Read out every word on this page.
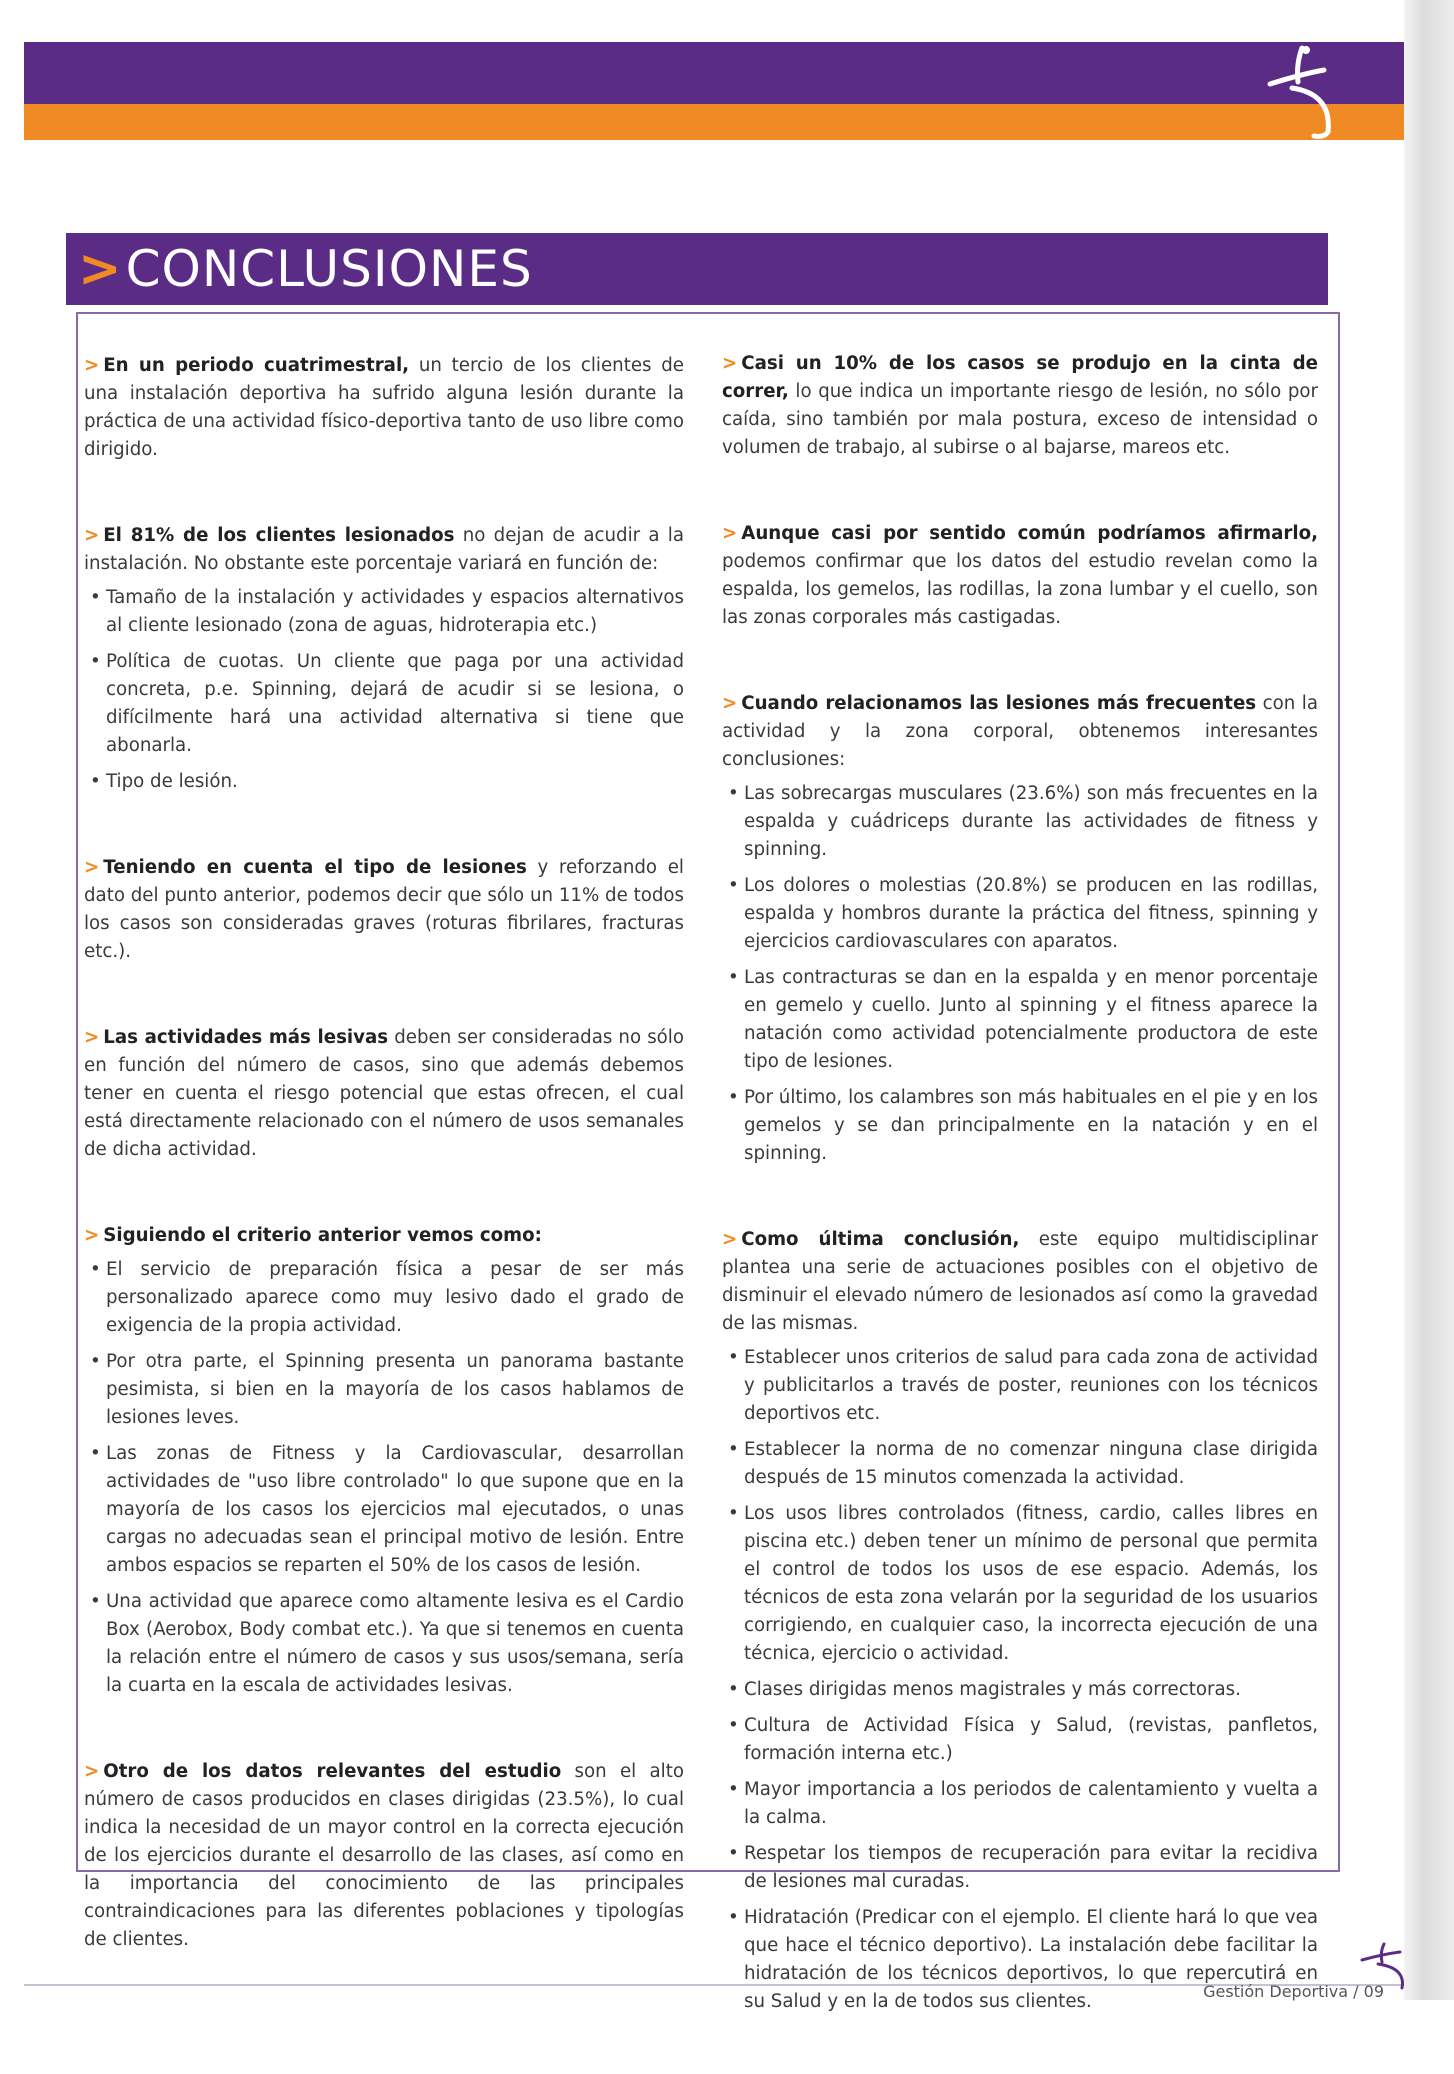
> CONCLUSIONES
> En un periodo cuatrimestral, un tercio de los clientes de una instalación deportiva ha sufrido alguna lesión durante la práctica de una actividad físico-deportiva tanto de uso libre como dirigido.
> El 81% de los clientes lesionados no dejan de acudir a la instalación. No obstante este porcentaje variará en función de:
• Tamaño de la instalación y actividades y espacios alternativos al cliente lesionado (zona de aguas, hidroterapia etc.)
• Política de cuotas. Un cliente que paga por una actividad concreta, p.e. Spinning, dejará de acudir si se lesiona, o difícilmente hará una actividad alternativa si tiene que abonarla.
• Tipo de lesión.
> Teniendo en cuenta el tipo de lesiones y reforzando el dato del punto anterior, podemos decir que sólo un 11% de todos los casos son consideradas graves (roturas fibrilares, fracturas etc.).
> Las actividades más lesivas deben ser consideradas no sólo en función del número de casos, sino que además debemos tener en cuenta el riesgo potencial que estas ofrecen, el cual está directamente relacionado con el número de usos semanales de dicha actividad.
> Siguiendo el criterio anterior vemos como:
• El servicio de preparación física a pesar de ser más personalizado aparece como muy lesivo dado el grado de exigencia de la propia actividad.
• Por otra parte, el Spinning presenta un panorama bastante pesimista, si bien en la mayoría de los casos hablamos de lesiones leves.
• Las zonas de Fitness y la Cardiovascular, desarrollan actividades de "uso libre controlado" lo que supone que en la mayoría de los casos los ejercicios mal ejecutados, o unas cargas no adecuadas sean el principal motivo de lesión. Entre ambos espacios se reparten el 50% de los casos de lesión.
• Una actividad que aparece como altamente lesiva es el Cardio Box (Aerobox, Body combat etc.). Ya que si tenemos en cuenta la relación entre el número de casos y sus usos/semana, sería la cuarta en la escala de actividades lesivas.
> Otro de los datos relevantes del estudio son el alto número de casos producidos en clases dirigidas (23.5%), lo cual indica la necesidad de un mayor control en la correcta ejecución de los ejercicios durante el desarrollo de las clases, así como en la importancia del conocimiento de las principales contraindicaciones para las diferentes poblaciones y tipologías de clientes.
> Casi un 10% de los casos se produjo en la cinta de correr, lo que indica un importante riesgo de lesión, no sólo por caída, sino también por mala postura, exceso de intensidad o volumen de trabajo, al subirse o al bajarse, mareos etc.
> Aunque casi por sentido común podríamos afirmarlo, podemos confirmar que los datos del estudio revelan como la espalda, los gemelos, las rodillas, la zona lumbar y el cuello, son las zonas corporales más castigadas.
> Cuando relacionamos las lesiones más frecuentes con la actividad y la zona corporal, obtenemos interesantes conclusiones:
• Las sobrecargas musculares (23.6%) son más frecuentes en la espalda y cuádriceps durante las actividades de fitness y spinning.
• Los dolores o molestias (20.8%) se producen en las rodillas, espalda y hombros durante la práctica del fitness, spinning y ejercicios cardiovasculares con aparatos.
• Las contracturas se dan en la espalda y en menor porcentaje en gemelo y cuello. Junto al spinning y el fitness aparece la natación como actividad potencialmente productora de este tipo de lesiones.
• Por último, los calambres son más habituales en el pie y en los gemelos y se dan principalmente en la natación y en el spinning.
> Como última conclusión, este equipo multidisciplinar plantea una serie de actuaciones posibles con el objetivo de disminuir el elevado número de lesionados así como la gravedad de las mismas.
• Establecer unos criterios de salud para cada zona de actividad y publicitarlos a través de poster, reuniones con los técnicos deportivos etc.
• Establecer la norma de no comenzar ninguna clase dirigida después de 15 minutos comenzada la actividad.
• Los usos libres controlados (fitness, cardio, calles libres en piscina etc.) deben tener un mínimo de personal que permita el control de todos los usos de ese espacio. Además, los técnicos de esta zona velarán por la seguridad de los usuarios corrigiendo, en cualquier caso, la incorrecta ejecución de una técnica, ejercicio o actividad.
• Clases dirigidas menos magistrales y más correctoras.
• Cultura de Actividad Física y Salud, (revistas, panfletos, formación interna etc.)
• Mayor importancia a los periodos de calentamiento y vuelta a la calma.
• Respetar los tiempos de recuperación para evitar la recidiva de lesiones mal curadas.
• Hidratación (Predicar con el ejemplo. El cliente hará lo que vea que hace el técnico deportivo). La instalación debe facilitar la hidratación de los técnicos deportivos, lo que repercutirá en su Salud y en la de todos sus clientes.	Gestión Deportiva / 09
